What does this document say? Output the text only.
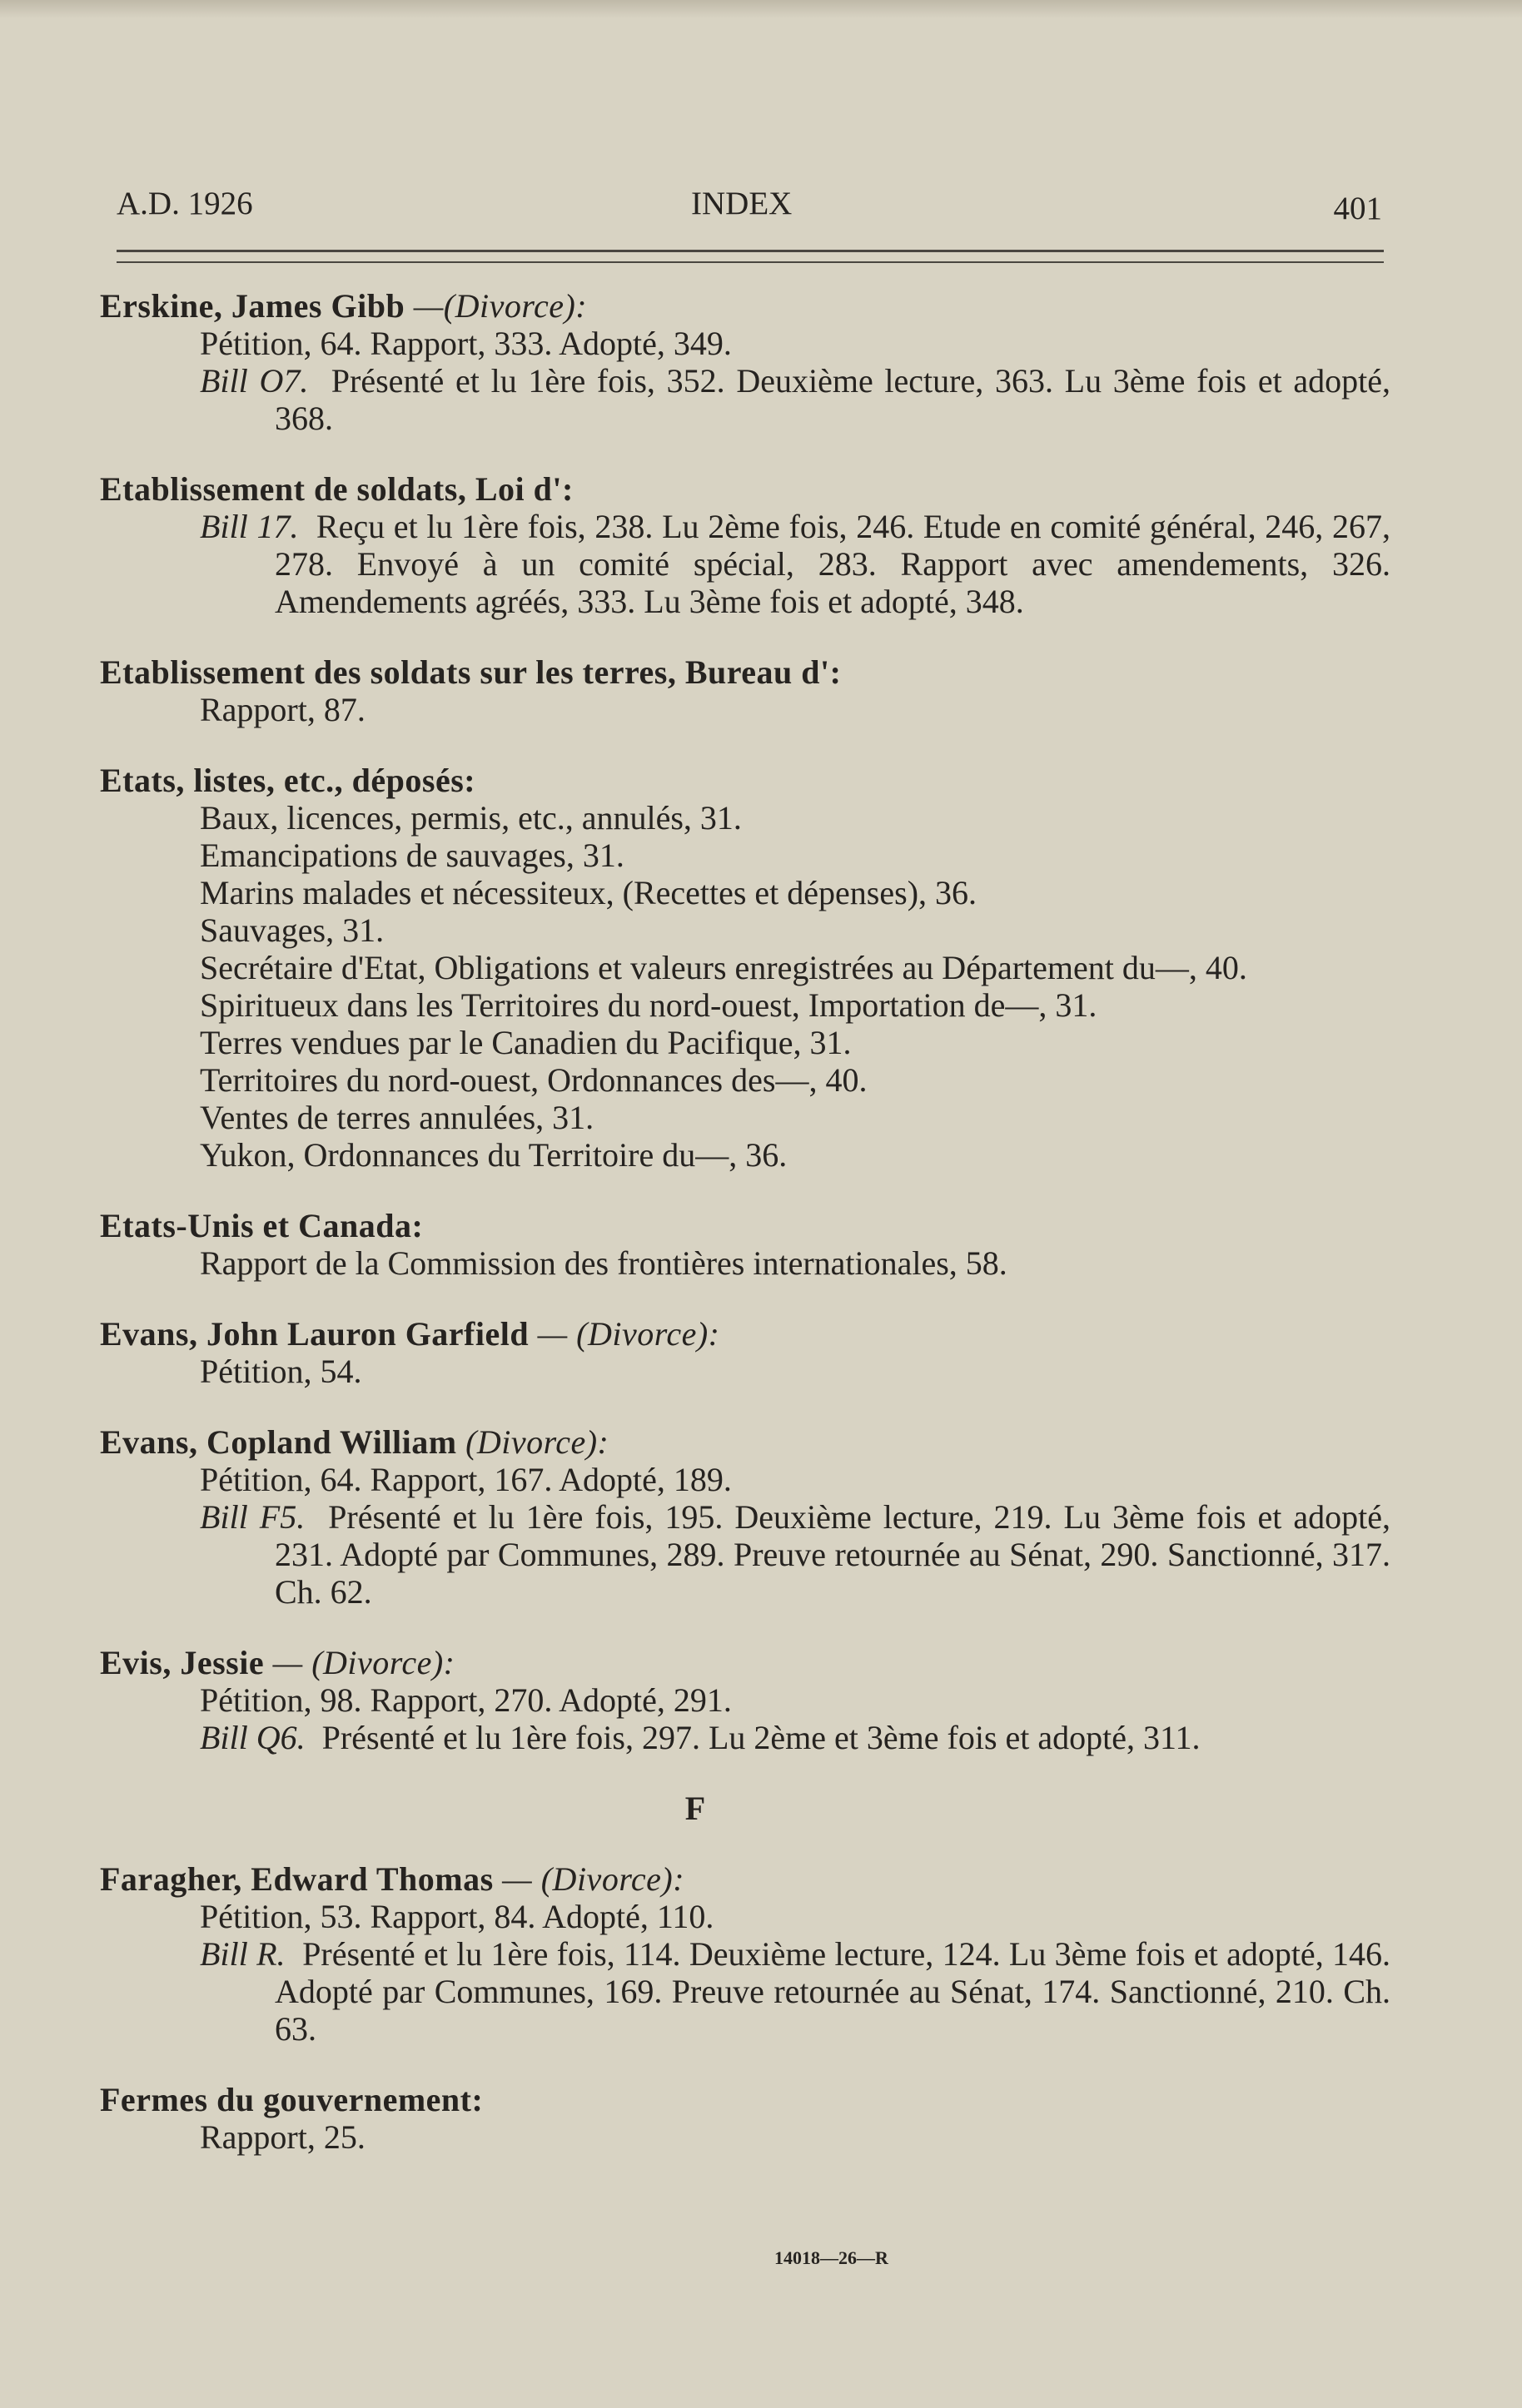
A.D. 1926	INDEX	401
Erskine, James Gibb —(Divorce):
Pétition, 64. Rapport, 333. Adopté, 349.
Bill O7. Présenté et lu 1ère fois, 352. Deuxième lecture, 363. Lu 3ème fois et adopté, 368.
Etablissement de soldats, Loi d':
Bill 17. Reçu et lu 1ère fois, 238. Lu 2ème fois, 246. Etude en comité général, 246, 267, 278. Envoyé à un comité spécial, 283. Rapport avec amendements, 326. Amendements agréés, 333. Lu 3ème fois et adopté, 348.
Etablissement des soldats sur les terres, Bureau d':
Rapport, 87.
Etats, listes, etc., déposés:
Baux, licences, permis, etc., annulés, 31.
Emancipations de sauvages, 31.
Marins malades et nécessiteux, (Recettes et dépenses), 36.
Sauvages, 31.
Secrétaire d'Etat, Obligations et valeurs enregistrées au Département du—, 40.
Spiritueux dans les Territoires du nord-ouest, Importation de—, 31.
Terres vendues par le Canadien du Pacifique, 31.
Territoires du nord-ouest, Ordonnances des—, 40.
Ventes de terres annulées, 31.
Yukon, Ordonnances du Territoire du—, 36.
Etats-Unis et Canada:
Rapport de la Commission des frontières internationales, 58.
Evans, John Lauron Garfield — (Divorce):
Pétition, 54.
Evans, Copland William (Divorce):
Pétition, 64. Rapport, 167. Adopté, 189.
Bill F5. Présenté et lu 1ère fois, 195. Deuxième lecture, 219. Lu 3ème fois et adopté, 231. Adopté par Communes, 289. Preuve retournée au Sénat, 290. Sanctionné, 317. Ch. 62.
Evis, Jessie — (Divorce):
Pétition, 98. Rapport, 270. Adopté, 291.
Bill Q6. Présenté et lu 1ère fois, 297. Lu 2ème et 3ème fois et adopté, 311.
F
Faragher, Edward Thomas — (Divorce):
Pétition, 53. Rapport, 84. Adopté, 110.
Bill R. Présenté et lu 1ère fois, 114. Deuxième lecture, 124. Lu 3ème fois et adopté, 146. Adopté par Communes, 169. Preuve retournée au Sénat, 174. Sanctionné, 210. Ch. 63.
Fermes du gouvernement:
Rapport, 25.
14018—26—R
